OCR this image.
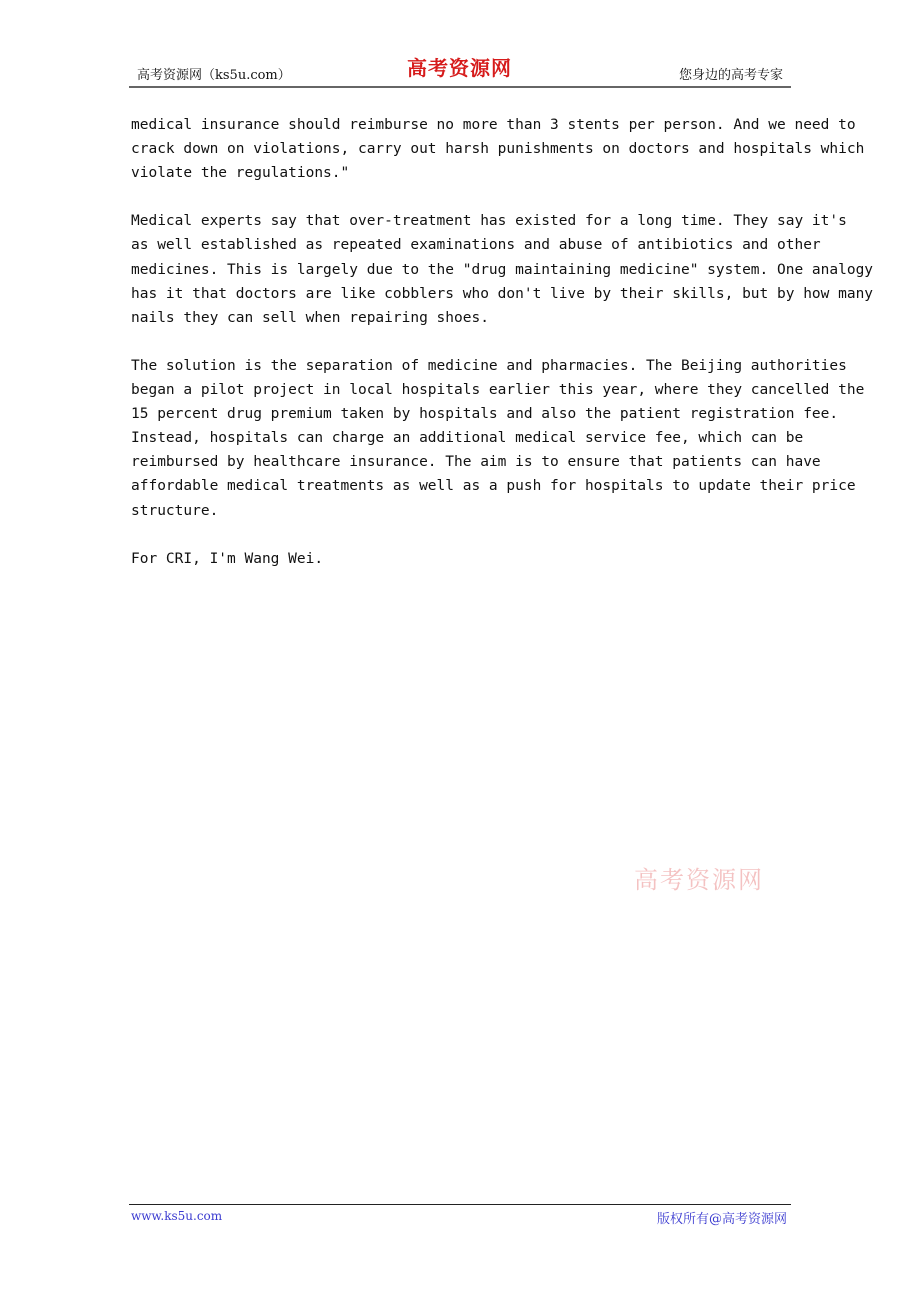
高考资源网（ks5u.com）	高考资源网	您身边的高考专家
medical insurance should reimburse no more than 3 stents per person. And we need to
crack down on violations, carry out harsh punishments on doctors and hospitals which
violate the regulations."
Medical experts say that over-treatment has existed for a long time. They say it's
as well established as repeated examinations and abuse of antibiotics and other
medicines. This is largely due to the "drug maintaining medicine" system. One analogy
has it that doctors are like cobblers who don't live by their skills, but by how many
nails they can sell when repairing shoes.
The solution is the separation of medicine and pharmacies. The Beijing authorities
began a pilot project in local hospitals earlier this year, where they cancelled the
15 percent drug premium taken by hospitals and also the patient registration fee.
Instead, hospitals can charge an additional medical service fee, which can be
reimbursed by healthcare insurance. The aim is to ensure that patients can have
affordable medical treatments as well as a push for hospitals to update their price
structure.
For CRI, I'm Wang Wei.
高考资源网
www.ks5u.com	版权所有@高考资源网
